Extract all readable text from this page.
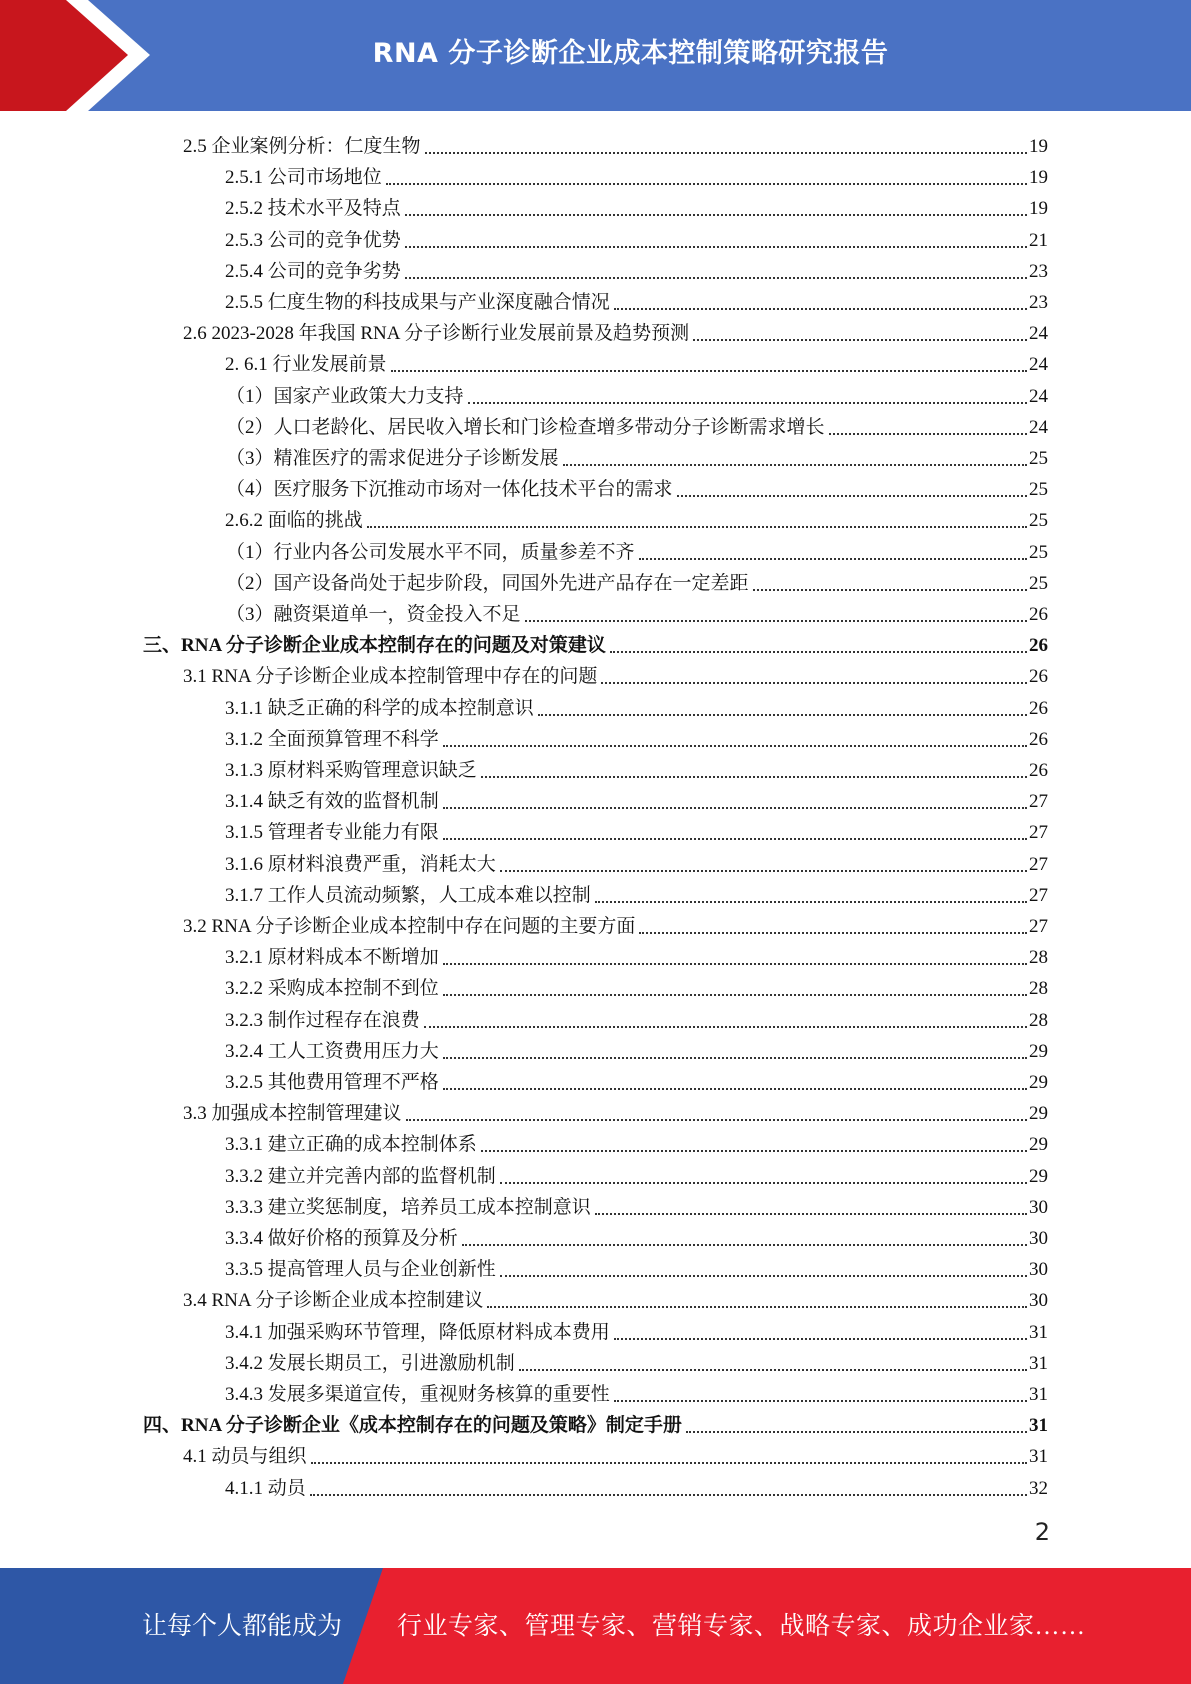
RNA 分子诊断企业成本控制策略研究报告
2.5 企业案例分析：仁度生物	19
2.5.1 公司市场地位	19
2.5.2 技术水平及特点	19
2.5.3 公司的竞争优势	21
2.5.4 公司的竞争劣势	23
2.5.5 仁度生物的科技成果与产业深度融合情况	23
2.6 2023-2028 年我国 RNA 分子诊断行业发展前景及趋势预测	24
2. 6.1 行业发展前景	24
（1）国家产业政策大力支持	24
（2）人口老龄化、居民收入增长和门诊检查增多带动分子诊断需求增长	24
（3）精准医疗的需求促进分子诊断发展	25
（4）医疗服务下沉推动市场对一体化技术平台的需求	25
2.6.2 面临的挑战	25
（1）行业内各公司发展水平不同，质量参差不齐	25
（2）国产设备尚处于起步阶段，同国外先进产品存在一定差距	25
（3）融资渠道单一，资金投入不足	26
三、RNA 分子诊断企业成本控制存在的问题及对策建议	26
3.1 RNA 分子诊断企业成本控制管理中存在的问题	26
3.1.1 缺乏正确的科学的成本控制意识	26
3.1.2 全面预算管理不科学	26
3.1.3 原材料采购管理意识缺乏	26
3.1.4 缺乏有效的监督机制	27
3.1.5 管理者专业能力有限	27
3.1.6 原材料浪费严重，消耗太大	27
3.1.7 工作人员流动频繁，人工成本难以控制	27
3.2 RNA 分子诊断企业成本控制中存在问题的主要方面	27
3.2.1 原材料成本不断增加	28
3.2.2 采购成本控制不到位	28
3.2.3 制作过程存在浪费	28
3.2.4 工人工资费用压力大	29
3.2.5 其他费用管理不严格	29
3.3 加强成本控制管理建议	29
3.3.1 建立正确的成本控制体系	29
3.3.2 建立并完善内部的监督机制	29
3.3.3 建立奖惩制度，培养员工成本控制意识	30
3.3.4 做好价格的预算及分析	30
3.3.5 提高管理人员与企业创新性	30
3.4 RNA 分子诊断企业成本控制建议	30
3.4.1 加强采购环节管理，降低原材料成本费用	31
3.4.2 发展长期员工，引进激励机制	31
3.4.3 发展多渠道宣传，重视财务核算的重要性	31
四、RNA 分子诊断企业《成本控制存在的问题及策略》制定手册	31
4.1 动员与组织	31
4.1.1 动员	32
2
让每个人都能成为 行业专家、管理专家、营销专家、战略专家、成功企业家……
